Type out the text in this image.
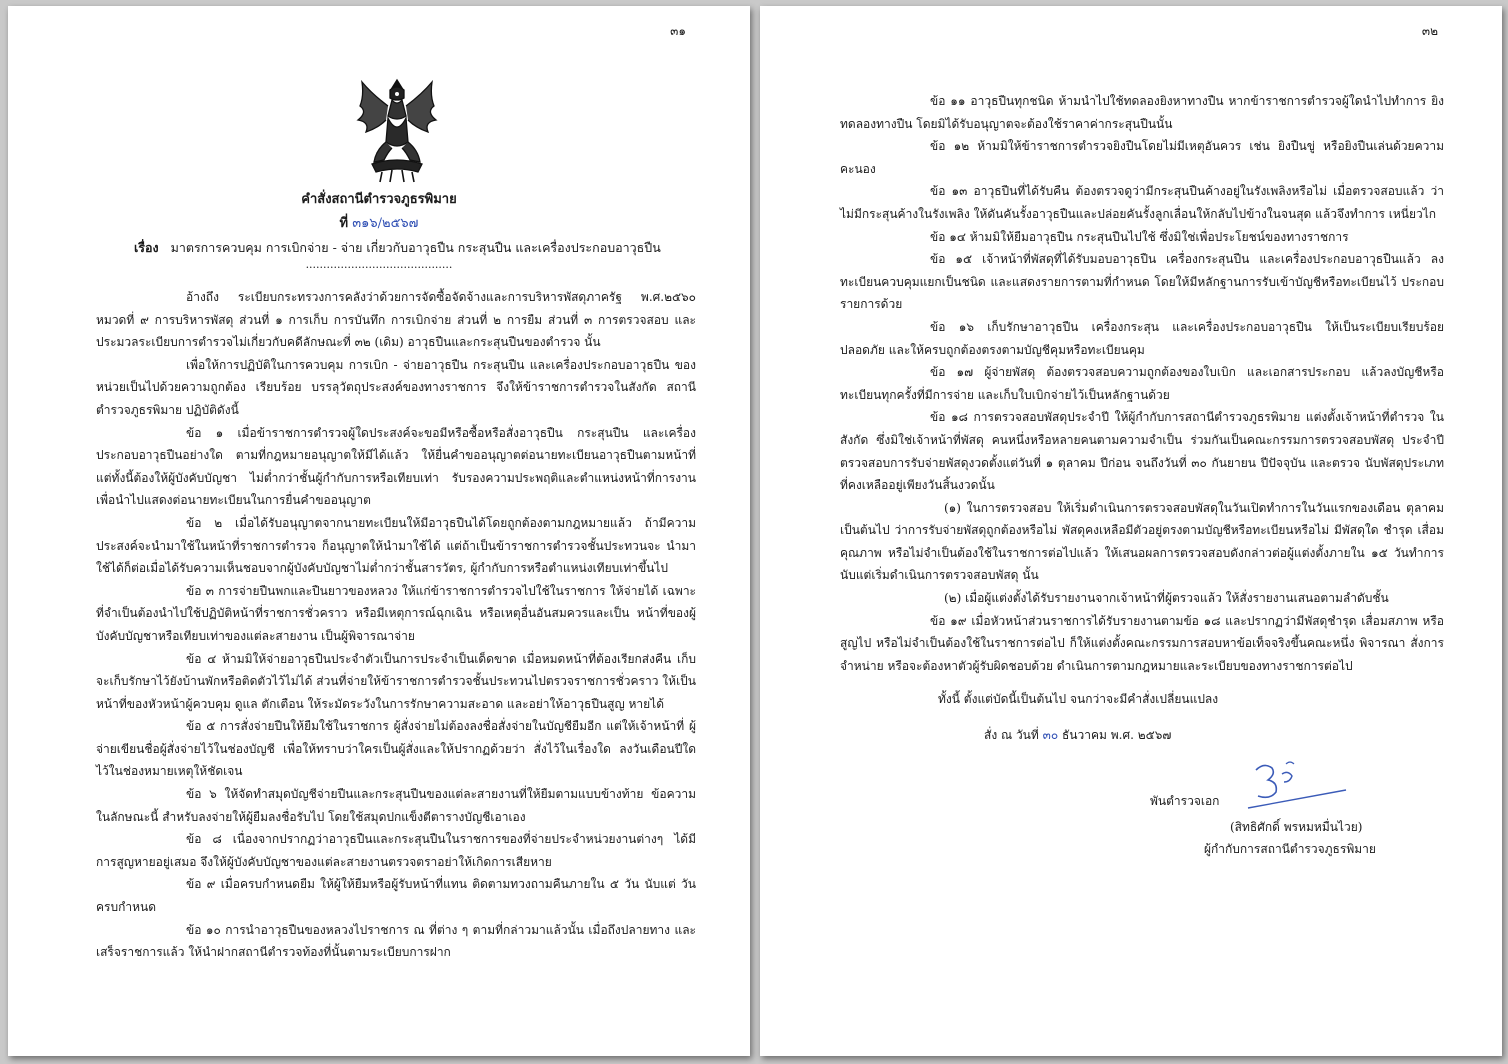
๓๑
คำสั่งสถานีตำรวจภูธรพิมาย
ที่ ๓๑๖/๒๕๖๗
เรื่อง มาตรการควบคุม การเบิกจ่าย - จ่าย เกี่ยวกับอาวุธปืน กระสุนปืน และเครื่องประกอบอาวุธปืน
..........................................

อ้างถึง ระเบียบกระทรวงการคลังว่าด้วยการจัดซื้อจัดจ้างและการบริหารพัสดุภาครัฐ พ.ศ.๒๕๖๐ หมวดที่ ๙ การบริหารพัสดุ ส่วนที่ ๑ การเก็บ การบันทึก การเบิกจ่าย ส่วนที่ ๒ การยืม ส่วนที่ ๓ การตรวจสอบ และประมวลระเบียบการตำรวจไม่เกี่ยวกับคดีลักษณะที่ ๓๒ (เดิม) อาวุธปืนและกระสุนปืนของตำรวจ นั้น

เพื่อให้การปฏิบัติในการควบคุม การเบิก - จ่ายอาวุธปืน กระสุนปืน และเครื่องประกอบอาวุธปืน ของหน่วยเป็นไปด้วยความถูกต้อง เรียบร้อย บรรลุวัตถุประสงค์ของทางราชการ จึงให้ข้าราชการตำรวจในสังกัด สถานีตำรวจภูธรพิมาย ปฏิบัติดังนี้

ข้อ ๑ เมื่อข้าราชการตำรวจผู้ใดประสงค์จะขอมีหรือซื้อหรือสั่งอาวุธปืน กระสุนปืน และเครื่อง ประกอบอาวุธปืนอย่างใด ตามที่กฎหมายอนุญาตให้มีได้แล้ว ให้ยื่นคำขออนุญาตต่อนายทะเบียนอาวุธปืนตามหน้าที่ แต่ทั้งนี้ต้องให้ผู้บังคับบัญชา ไม่ต่ำกว่าชั้นผู้กำกับการหรือเทียบเท่า รับรองความประพฤติและตำแหน่งหน้าที่การงาน เพื่อนำไปแสดงต่อนายทะเบียนในการยื่นคำขออนุญาต

ข้อ ๒ เมื่อได้รับอนุญาตจากนายทะเบียนให้มีอาวุธปืนได้โดยถูกต้องตามกฎหมายแล้ว ถ้ามีความ ประสงค์จะนำมาใช้ในหน้าที่ราชการตำรวจ ก็อนุญาตให้นำมาใช้ได้ แต่ถ้าเป็นข้าราชการตำรวจชั้นประทวนจะ นำมาใช้ได้ก็ต่อเมื่อได้รับความเห็นชอบจากผู้บังคับบัญชาไม่ต่ำกว่าชั้นสารวัตร, ผู้กำกับการหรือตำแหน่งเทียบเท่าขึ้นไป

ข้อ ๓ การจ่ายปืนพกและปืนยาวของหลวง ให้แก่ข้าราชการตำรวจไปใช้ในราชการ ให้จ่ายได้ เฉพาะที่จำเป็นต้องนำไปใช้ปฏิบัติหน้าที่ราชการชั่วคราว หรือมีเหตุการณ์ฉุกเฉิน หรือเหตุอื่นอันสมควรและเป็น หน้าที่ของผู้บังคับบัญชาหรือเทียบเท่าของแต่ละสายงาน เป็นผู้พิจารณาจ่าย

ข้อ ๔ ห้ามมิให้จ่ายอาวุธปืนประจำตัวเป็นการประจำเป็นเด็ดขาด เมื่อหมดหน้าที่ต้องเรียกส่งคืน เก็บ จะเก็บรักษาไว้ยังบ้านพักหรือติดตัวไว้ไม่ได้ ส่วนที่จ่ายให้ข้าราชการตำรวจชั้นประทวนไปตรวจราชการชั่วคราว ให้เป็นหน้าที่ของหัวหน้าผู้ควบคุม ดูแล ตักเตือน ให้ระมัดระวังในการรักษาความสะอาด และอย่าให้อาวุธปืนสูญ หายได้

ข้อ ๕ การสั่งจ่ายปืนให้ยืมใช้ในราชการ ผู้สั่งจ่ายไม่ต้องลงชื่อสั่งจ่ายในบัญชียืมอีก แต่ให้เจ้าหน้าที่ ผู้จ่ายเขียนชื่อผู้สั่งจ่ายไว้ในช่องบัญชี เพื่อให้ทราบว่าใครเป็นผู้สั่งและให้ปรากฏด้วยว่า สั่งไว้ในเรื่องใด ลงวันเดือนปีใด ไว้ในช่องหมายเหตุให้ชัดเจน

ข้อ ๖ ให้จัดทำสมุดบัญชีจ่ายปืนและกระสุนปืนของแต่ละสายงานที่ให้ยืมตามแบบข้างท้าย ข้อความในลักษณะนี้ สำหรับลงจ่ายให้ผู้ยืมลงชื่อรับไป โดยใช้สมุดปกแข็งตีตารางบัญชีเอาเอง

ข้อ ๘ เนื่องจากปรากฏว่าอาวุธปืนและกระสุนปืนในราชการของที่จ่ายประจำหน่วยงานต่างๆ ได้มี การสูญหายอยู่เสมอ จึงให้ผู้บังคับบัญชาของแต่ละสายงานตรวจตราอย่าให้เกิดการเสียหาย

ข้อ ๙ เมื่อครบกำหนดยืม ให้ผู้ให้ยืมหรือผู้รับหน้าที่แทน ติดตามทวงถามคืนภายใน ๕ วัน นับแต่ วันครบกำหนด

ข้อ ๑๐ การนำอาวุธปืนของหลวงไปราชการ ณ ที่ต่าง ๆ ตามที่กล่าวมาแล้วนั้น เมื่อถึงปลายทาง และเสร็จราชการแล้ว ให้นำฝากสถานีตำรวจท้องที่นั้นตามระเบียบการฝาก

๓๒

ข้อ ๑๑ อาวุธปืนทุกชนิด ห้ามนำไปใช้ทดลองยิงหาทางปืน หากข้าราชการตำรวจผู้ใดนำไปทำการ ยิงทดลองทางปืน โดยมิได้รับอนุญาตจะต้องใช้ราคาค่ากระสุนปืนนั้น

ข้อ ๑๒ ห้ามมิให้ข้าราชการตำรวจยิงปืนโดยไม่มีเหตุอันควร เช่น ยิงปืนขู่ หรือยิงปืนเล่นด้วยความคะนอง

ข้อ ๑๓ อาวุธปืนที่ได้รับคืน ต้องตรวจดูว่ามีกระสุนปืนค้างอยู่ในรังเพลิงหรือไม่ เมื่อตรวจสอบแล้ว ว่าไม่มีกระสุนค้างในรังเพลิง ให้ดันคันรั้งอาวุธปืนและปล่อยคันรั้งลูกเลื่อนให้กลับไปข้างในจนสุด แล้วจึงทำการ เหนี่ยวไก

ข้อ ๑๔ ห้ามมิให้ยืมอาวุธปืน กระสุนปืนไปใช้ ซึ่งมิใช่เพื่อประโยชน์ของทางราชการ

ข้อ ๑๕ เจ้าหน้าที่พัสดุที่ได้รับมอบอาวุธปืน เครื่องกระสุนปืน และเครื่องประกอบอาวุธปืนแล้ว ลงทะเบียนควบคุมแยกเป็นชนิด และแสดงรายการตามที่กำหนด โดยให้มีหลักฐานการรับเข้าบัญชีหรือทะเบียนไว้ ประกอบรายการด้วย

ข้อ ๑๖ เก็บรักษาอาวุธปืน เครื่องกระสุน และเครื่องประกอบอาวุธปืน ให้เป็นระเบียบเรียบร้อย ปลอดภัย และให้ครบถูกต้องตรงตามบัญชีคุมหรือทะเบียนคุม

ข้อ ๑๗ ผู้จ่ายพัสดุ ต้องตรวจสอบความถูกต้องของใบเบิก และเอกสารประกอบ แล้วลงบัญชีหรือ ทะเบียนทุกครั้งที่มีการจ่าย และเก็บใบเบิกจ่ายไว้เป็นหลักฐานด้วย

ข้อ ๑๘ การตรวจสอบพัสดุประจำปี ให้ผู้กำกับการสถานีตำรวจภูธรพิมาย แต่งตั้งเจ้าหน้าที่ตำรวจ ในสังกัด ซึ่งมิใช่เจ้าหน้าที่พัสดุ คนหนึ่งหรือหลายคนตามความจำเป็น ร่วมกันเป็นคณะกรรมการตรวจสอบพัสดุ ประจำปี ตรวจสอบการรับจ่ายพัสดุงวดตั้งแต่วันที่ ๑ ตุลาคม ปีก่อน จนถึงวันที่ ๓๐ กันยายน ปีปัจจุบัน และตรวจ นับพัสดุประเภทที่คงเหลืออยู่เพียงวันสิ้นงวดนั้น

(๑) ในการตรวจสอบ ให้เริ่มดำเนินการตรวจสอบพัสดุในวันเปิดทำการในวันแรกของเดือน ตุลาคมเป็นต้นไป ว่าการรับจ่ายพัสดุถูกต้องหรือไม่ พัสดุคงเหลือมีตัวอยู่ตรงตามบัญชีหรือทะเบียนหรือไม่ มีพัสดุใด ชำรุด เสื่อมคุณภาพ หรือไม่จำเป็นต้องใช้ในราชการต่อไปแล้ว ให้เสนอผลการตรวจสอบดังกล่าวต่อผู้แต่งตั้งภายใน ๑๕ วันทำการ นับแต่เริ่มดำเนินการตรวจสอบพัสดุ นั้น

(๒) เมื่อผู้แต่งตั้งได้รับรายงานจากเจ้าหน้าที่ผู้ตรวจแล้ว ให้สั่งรายงานเสนอตามลำดับชั้น

ข้อ ๑๙ เมื่อหัวหน้าส่วนราชการได้รับรายงานตามข้อ ๑๘ และปรากฏว่ามีพัสดุชำรุด เสื่อมสภาพ หรือสูญไป หรือไม่จำเป็นต้องใช้ในราชการต่อไป ก็ให้แต่งตั้งคณะกรรมการสอบหาข้อเท็จจริงขึ้นคณะหนึ่ง พิจารณา สั่งการจำหน่าย หรือจะต้องหาตัวผู้รับผิดชอบด้วย ดำเนินการตามกฎหมายและระเบียบของทางราชการต่อไป

ทั้งนี้ ตั้งแต่บัดนี้เป็นต้นไป จนกว่าจะมีคำสั่งเปลี่ยนแปลง
สั่ง ณ วันที่ ๓๐ ธันวาคม พ.ศ. ๒๕๖๗
พันตำรวจเอก
(สิทธิศักดิ์ พรหมหมื่นไวย)
ผู้กำกับการสถานีตำรวจภูธรพิมาย
